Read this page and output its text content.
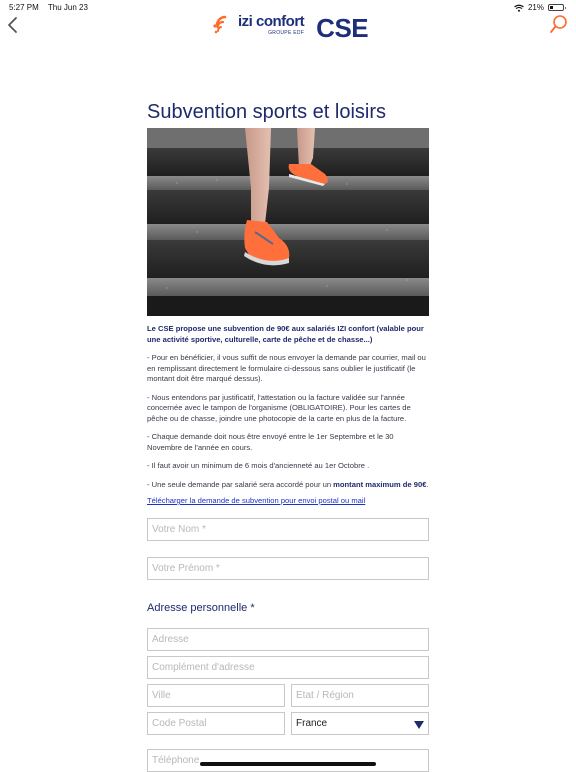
5:27 PM Thu Jun 23	21%
izi confort
GROUPE EDF CSE
Subvention sports et loisirs

Le CSE propose une subvention de 90€ aux salariés IZI confort (valable pour une activité sportive, culturelle, carte de pêche et de chasse...)

- Pour en bénéficier, il vous suffit de nous envoyer la demande par courrier, mail ou en remplissant directement le formulaire ci-dessous sans oublier le justificatif (le montant doit être marqué dessus).

- Nous entendons par justificatif, l'attestation ou la facture validée sur l'année concernée avec le tampon de l'organisme (OBLIGATOIRE). Pour les cartes de pêche ou de chasse, joindre une photocopie de la carte en plus de la facture.

- Chaque demande doit nous être envoyé entre le 1er Septembre et le 30 Novembre de l'année en cours.

- Il faut avoir un minimum de 6 mois d'ancienneté au 1er Octobre .

- Une seule demande par salarié sera accordé pour un montant maximum de 90€.

Télécharger la demande de subvention pour envoi postal ou mail
Votre Nom *
Votre Prénom *
Adresse personnelle *
Adresse
Complément d'adresse
Ville
Etat / Région
Code Postal
France
Téléphone
